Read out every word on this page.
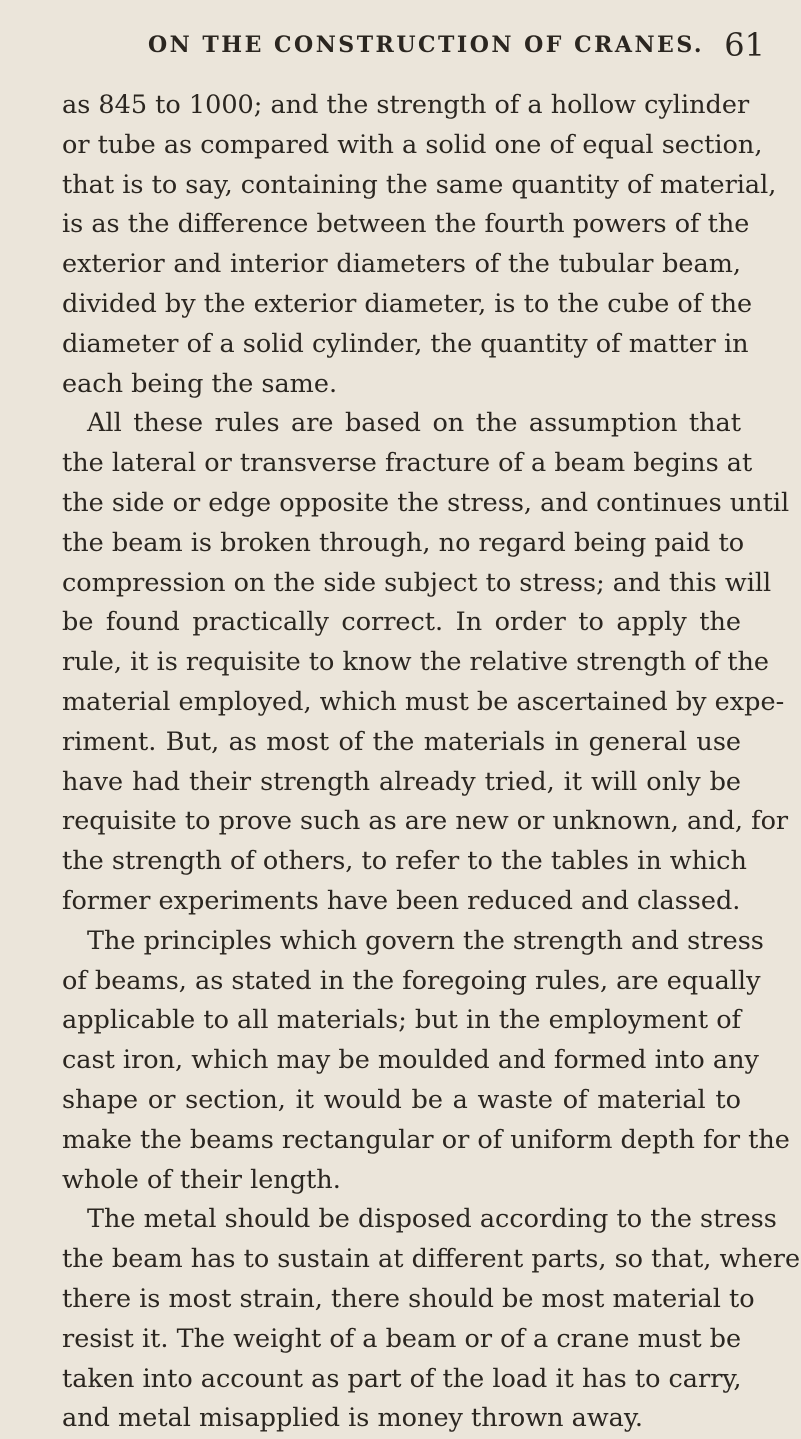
ON THE CONSTRUCTION OF CRANES. 61
as 845 to 1000; and the strength of a hollow cylinder
or tube as compared with a solid one of equal section,
that is to say, containing the same quantity of material,
is as the difference between the fourth powers of the
exterior and interior diameters of the tubular beam,
divided by the exterior diameter, is to the cube of the
diameter of a solid cylinder, the quantity of matter in
each being the same.
All these rules are based on the assumption that
the lateral or transverse fracture of a beam begins at
the side or edge opposite the stress, and continues until
the beam is broken through, no regard being paid to
compression on the side subject to stress; and this will
be found practically correct. In order to apply the
rule, it is requisite to know the relative strength of the
material employed, which must be ascertained by expe-
riment. But, as most of the materials in general use
have had their strength already tried, it will only be
requisite to prove such as are new or unknown, and, for
the strength of others, to refer to the tables in which
former experiments have been reduced and classed.
The principles which govern the strength and stress
of beams, as stated in the foregoing rules, are equally
applicable to all materials; but in the employment of
cast iron, which may be moulded and formed into any
shape or section, it would be a waste of material to
make the beams rectangular or of uniform depth for the
whole of their length.
The metal should be disposed according to the stress
the beam has to sustain at different parts, so that, where
there is most strain, there should be most material to
resist it. The weight of a beam or of a crane must be
taken into account as part of the load it has to carry,
and metal misapplied is money thrown away.
